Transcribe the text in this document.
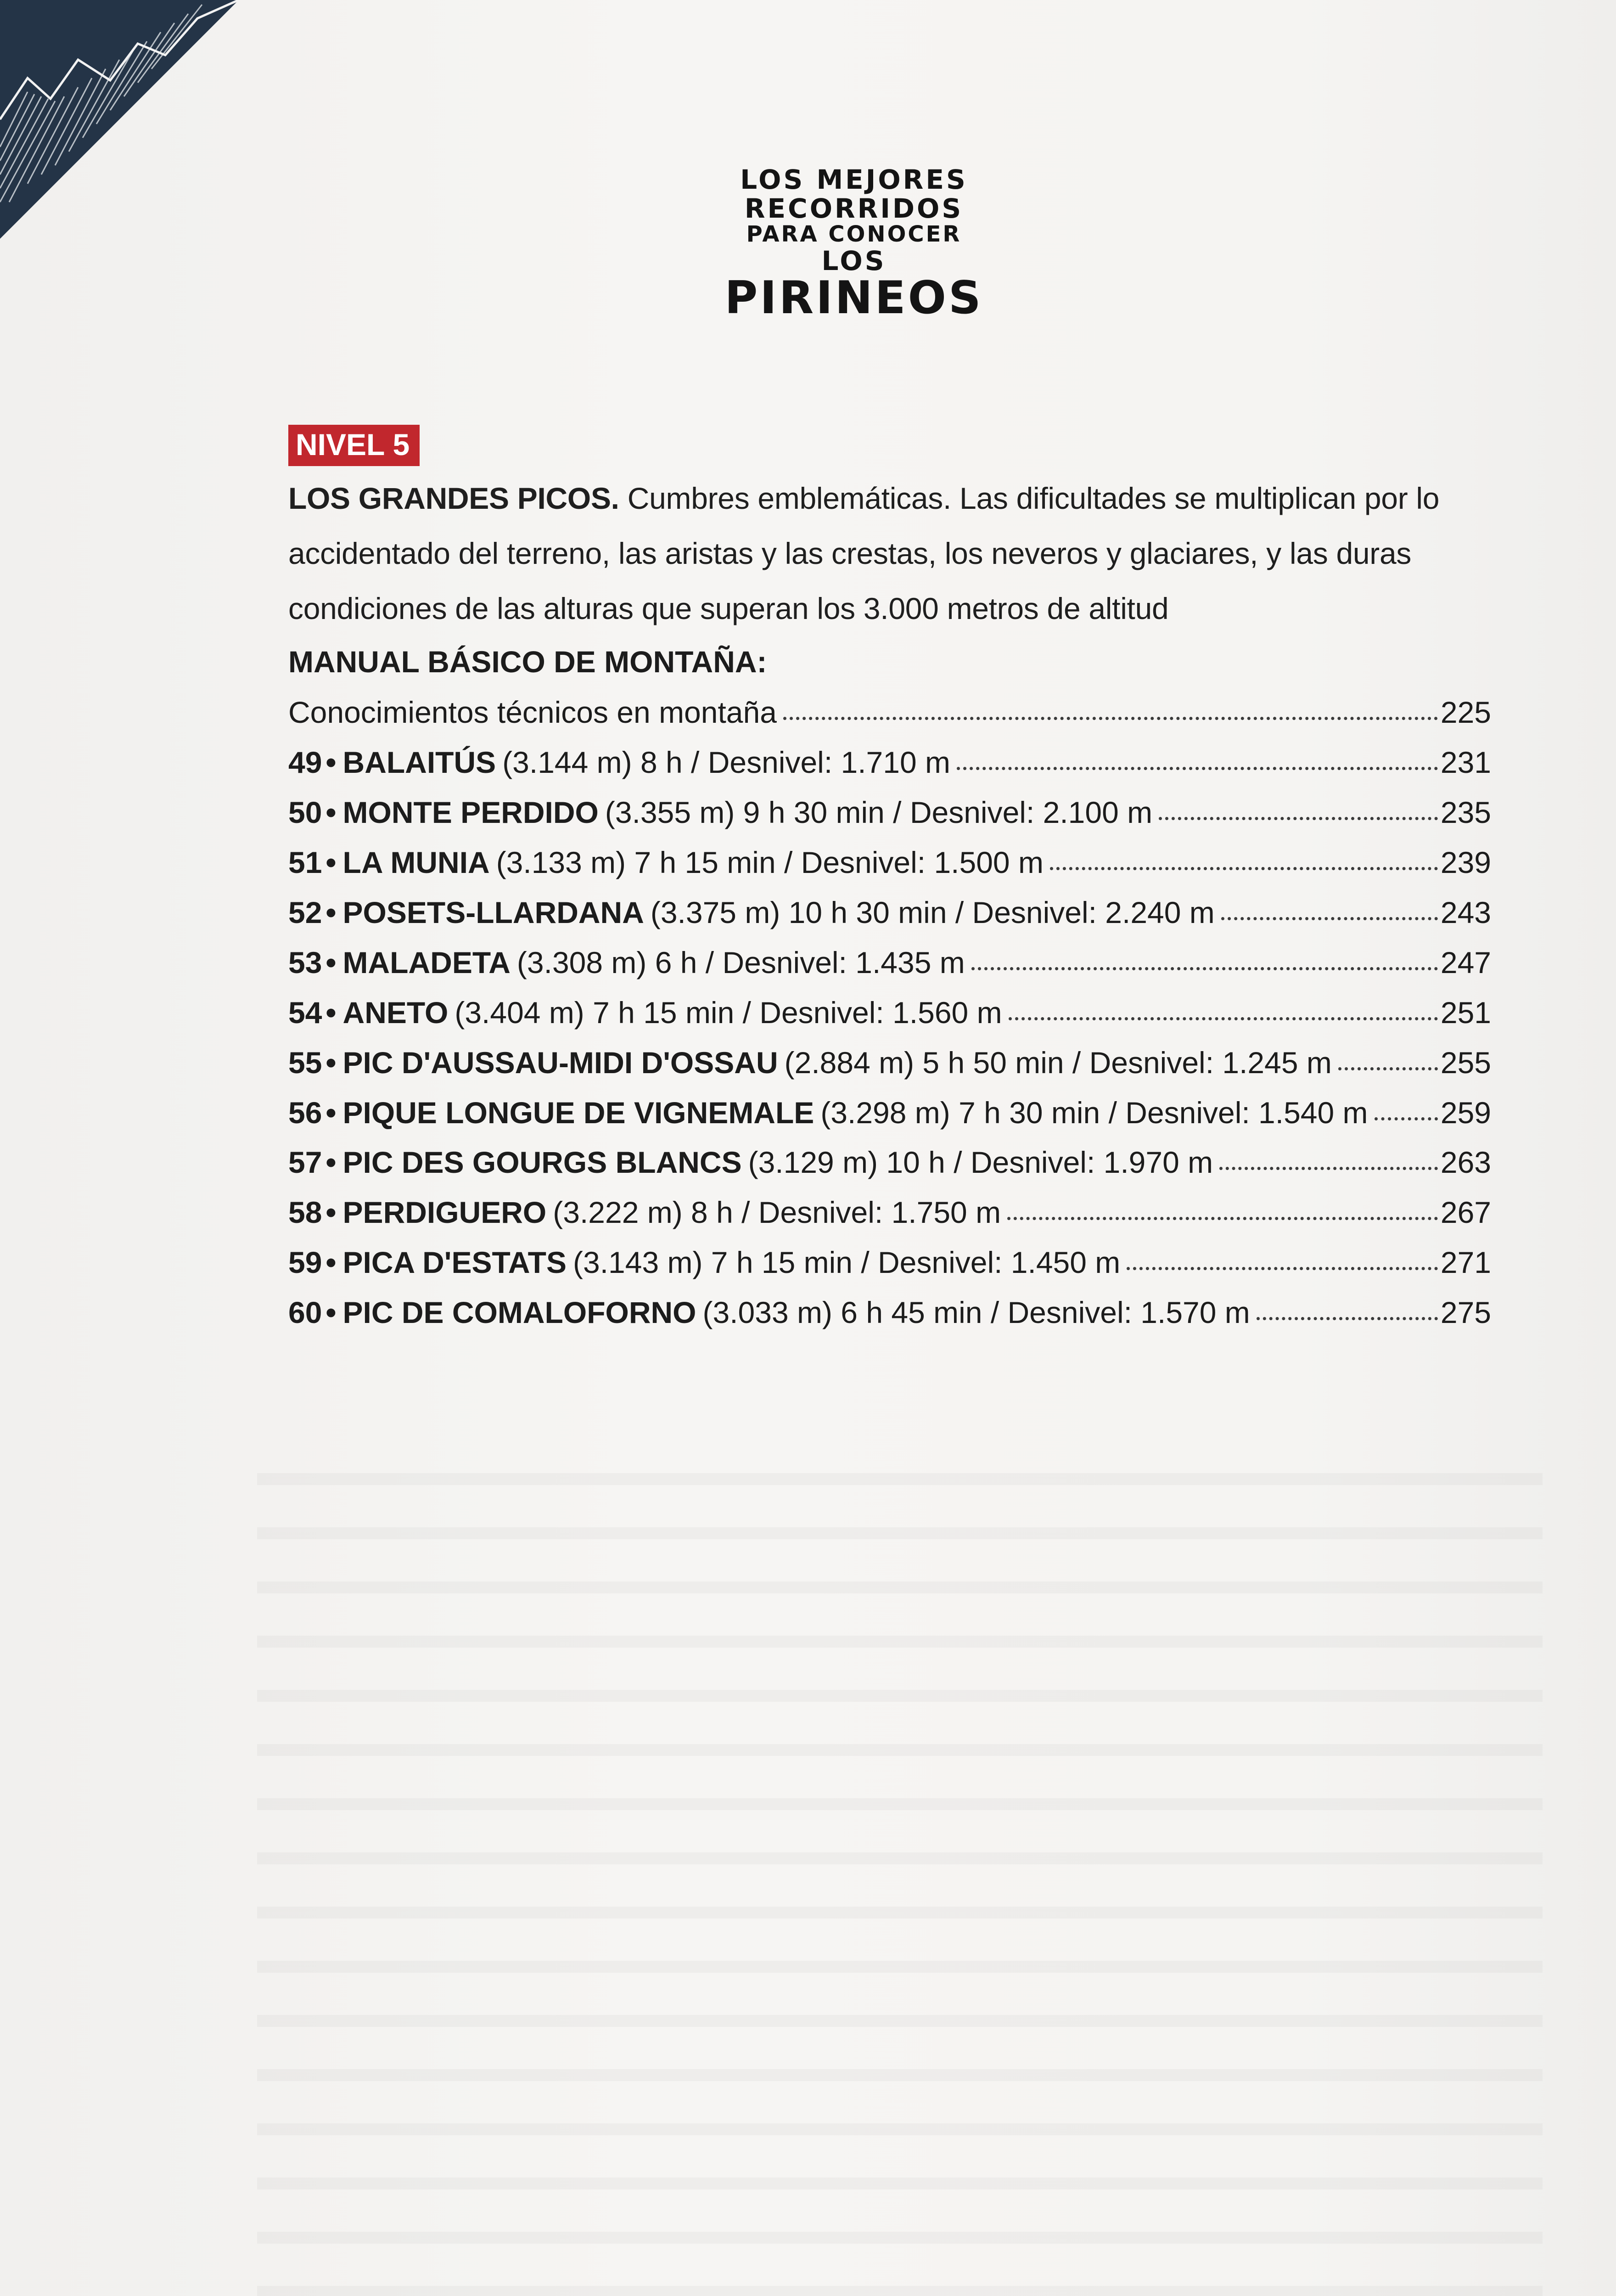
LOS MEJORES
RECORRIDOS
PARA CONOCER
LOS
PIRINEOS
NIVEL 5
LOS GRANDES PICOS. Cumbres emblemáticas. Las dificultades se multiplican por lo accidentado del terreno, las aristas y las crestas, los neveros y glaciares, y las duras condiciones de las alturas que superan los 3.000 metros de altitud
MANUAL BÁSICO DE MONTAÑA:
Conocimientos técnicos en montaña	225
49 • BALAITÚS (3.144 m) 8 h / Desnivel: 1.710 m	231
50 • MONTE PERDIDO (3.355 m) 9 h 30 min / Desnivel: 2.100 m	235
51 • LA MUNIA (3.133 m) 7 h 15 min / Desnivel: 1.500 m	239
52 • POSETS-LLARDANA (3.375 m) 10 h 30 min / Desnivel: 2.240 m	243
53 • MALADETA (3.308 m) 6 h / Desnivel: 1.435 m	247
54 • ANETO (3.404 m) 7 h 15 min / Desnivel: 1.560 m	251
55 • PIC D'AUSSAU-MIDI D'OSSAU (2.884 m) 5 h 50 min / Desnivel: 1.245 m	255
56 • PIQUE LONGUE DE VIGNEMALE (3.298 m) 7 h 30 min / Desnivel: 1.540 m 259
57 • PIC DES GOURGS BLANCS (3.129 m) 10 h / Desnivel: 1.970 m	263
58 • PERDIGUERO (3.222 m) 8 h / Desnivel: 1.750 m	267
59 • PICA D'ESTATS (3.143 m) 7 h 15 min / Desnivel: 1.450 m	271
60 • PIC DE COMALOFORNO (3.033 m) 6 h 45 min / Desnivel: 1.570 m	275
